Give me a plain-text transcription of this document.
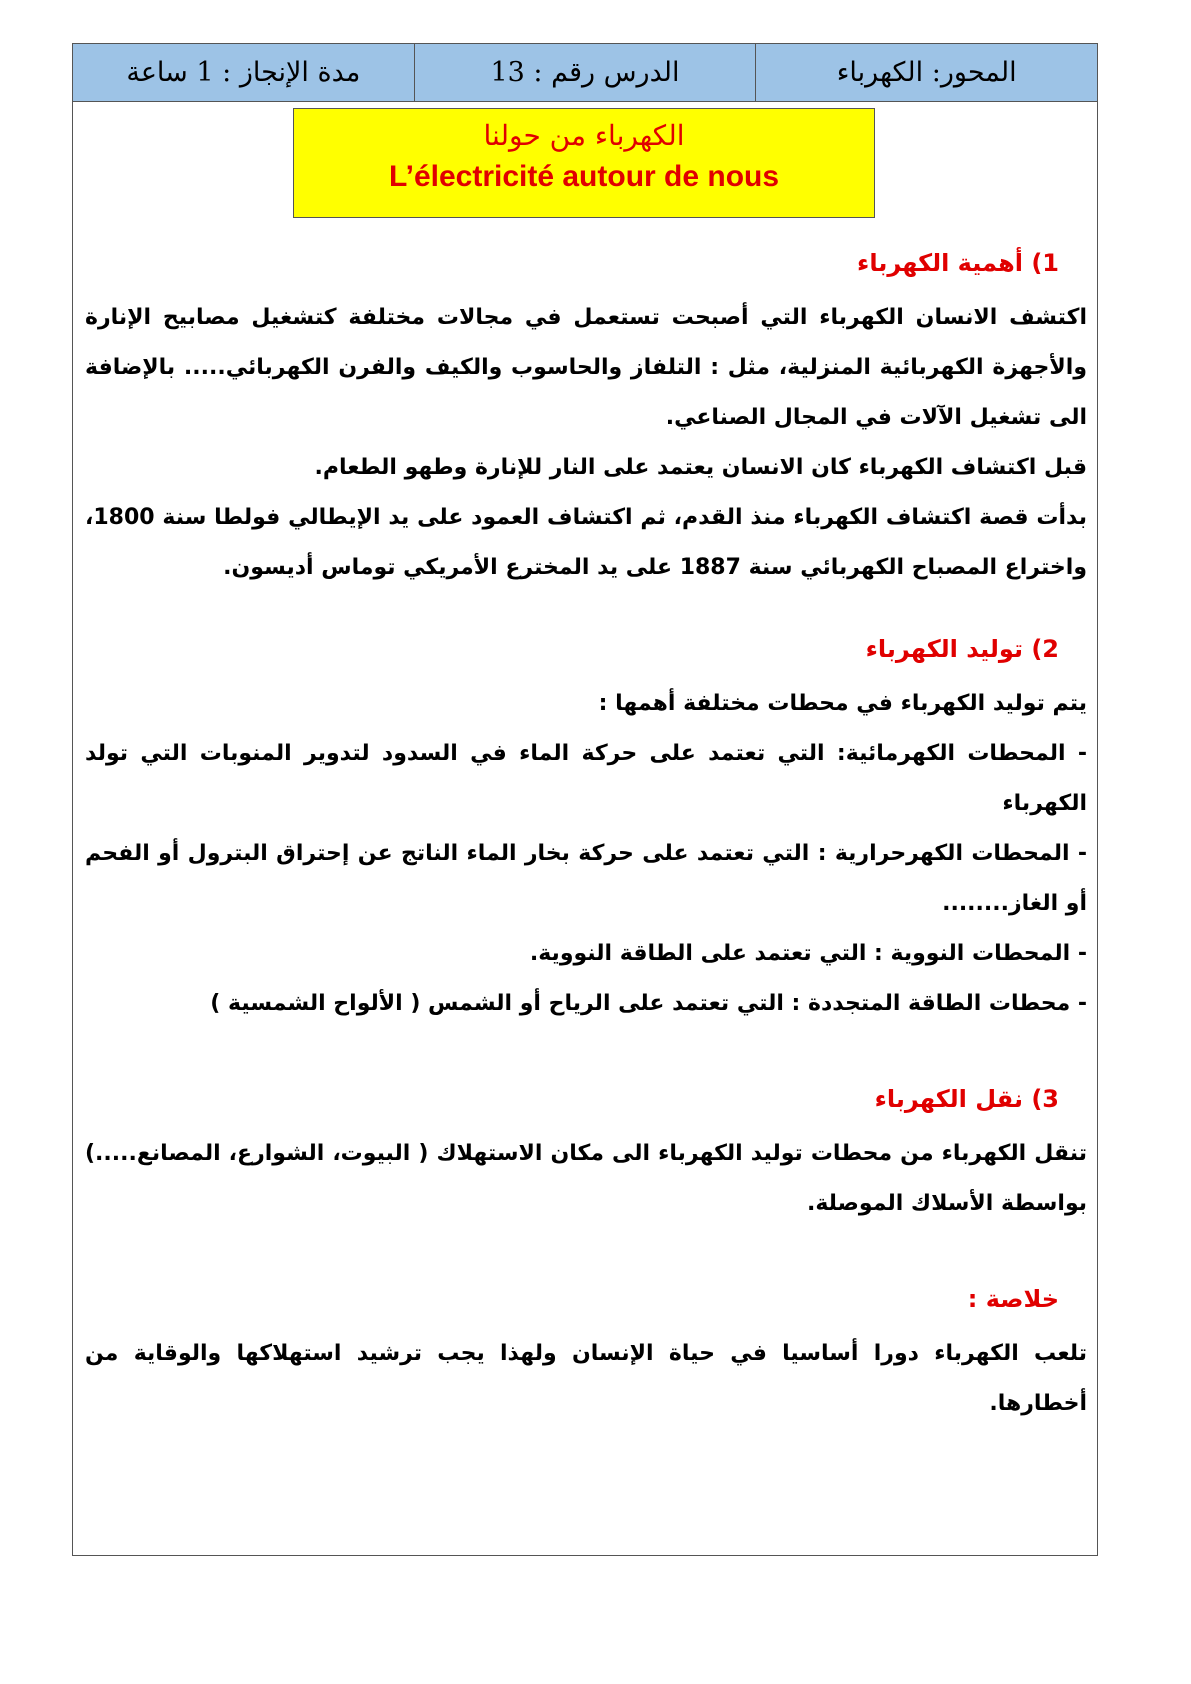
المحور: الكهرباء
الدرس رقم : 13
مدة الإنجاز : 1 ساعة
الكهرباء من حولنا
L’électricité autour de nous

1) أهمية الكهرباء

اكتشف الانسان الكهرباء التي أصبحت تستعمل في مجالات مختلفة كتشغيل مصابيح الإنارة والأجهزة الكهربائية المنزلية، مثل : التلفاز والحاسوب والكيف والفرن الكهربائي..... بالإضافة الى تشغيل الآلات في المجال الصناعي.

قبل اكتشاف الكهرباء كان الانسان يعتمد على النار للإنارة وطهو الطعام.

بدأت قصة اكتشاف الكهرباء منذ القدم، ثم اكتشاف العمود على يد الإيطالي فولطا سنة 1800، واختراع المصباح الكهربائي سنة 1887 على يد المخترع الأمريكي توماس أديسون.

2) توليد الكهرباء

يتم توليد الكهرباء في محطات مختلفة أهمها :

- المحطات الكهرمائية: التي تعتمد على حركة الماء في السدود لتدوير المنوبات التي تولد الكهرباء

- المحطات الكهرحرارية : التي تعتمد على حركة بخار الماء الناتج عن إحتراق البترول أو الفحم أو الغاز........

- المحطات النووية : التي تعتمد على الطاقة النووية.

- محطات الطاقة المتجددة : التي تعتمد على الرياح أو الشمس ( الألواح الشمسية )

3) نقل الكهرباء

تنقل الكهرباء من محطات توليد الكهرباء الى مكان الاستهلاك ( البيوت، الشوارع، المصانع.....) بواسطة الأسلاك الموصلة.

خلاصة :

تلعب الكهرباء دورا أساسيا في حياة الإنسان ولهذا يجب ترشيد استهلاكها والوقاية من أخطارها.
